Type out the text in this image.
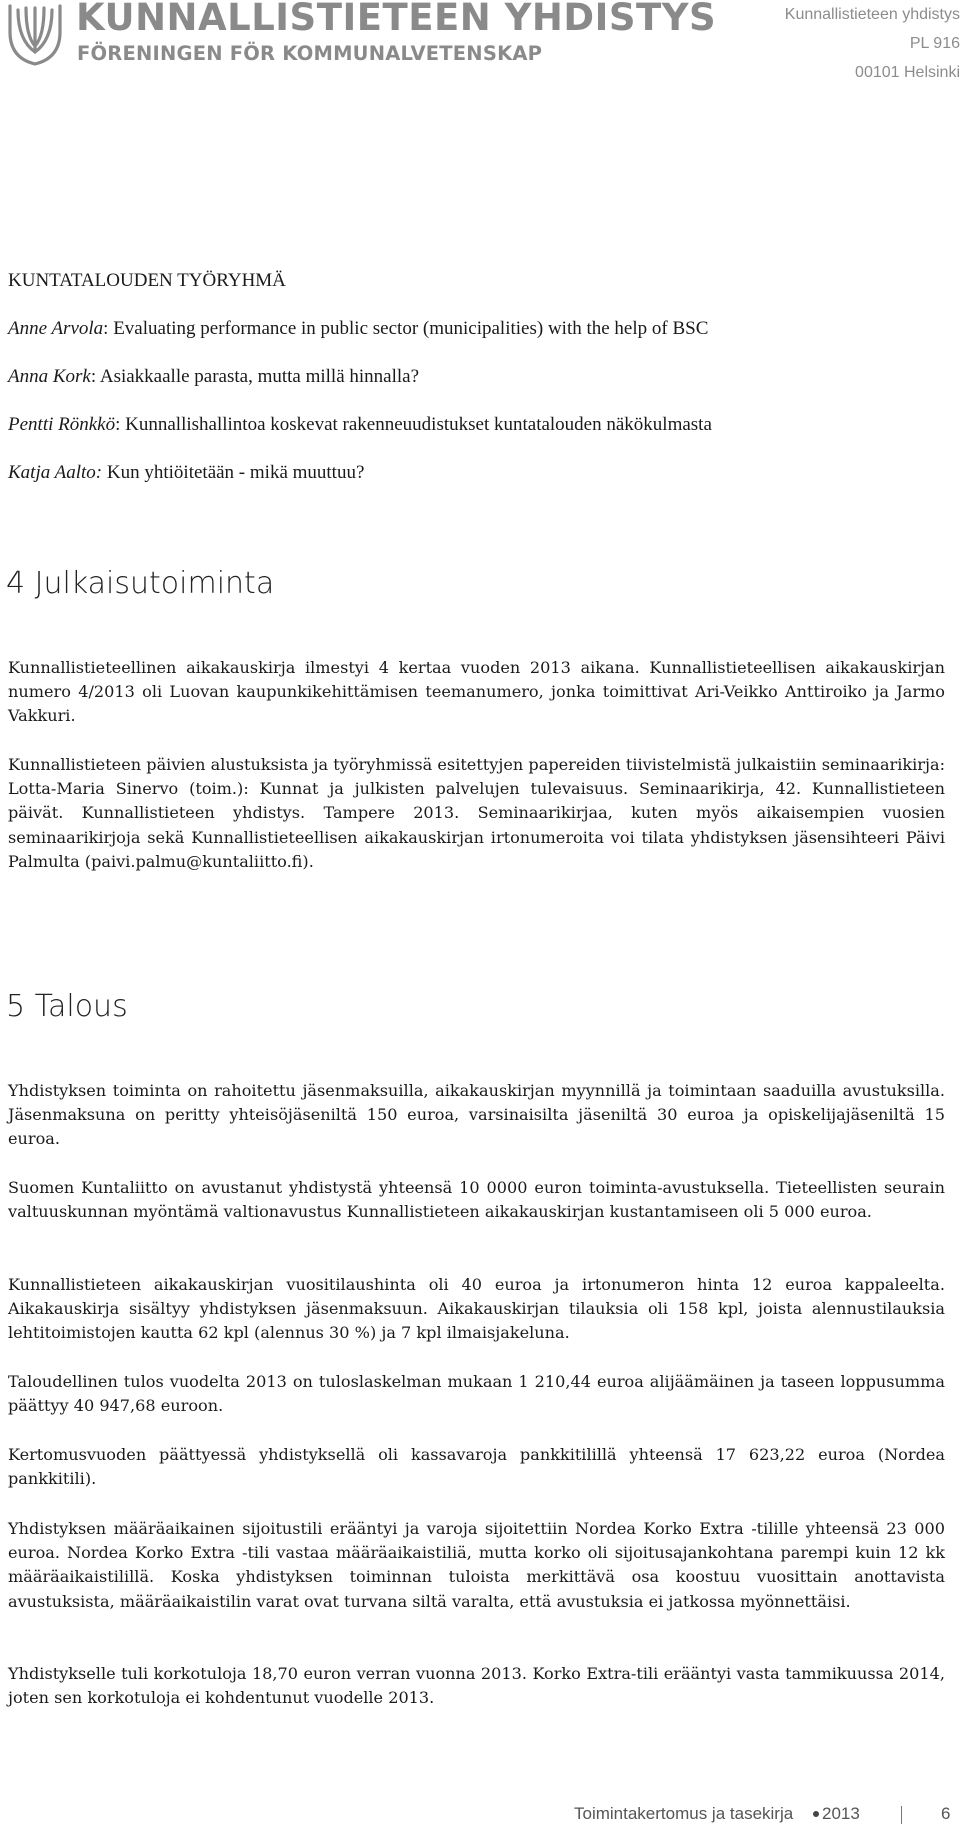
KUNNALLISTIETEEN YHDISTYS
FÖRENINGEN FÖR KOMMUNALVETENSKAP
Kunnallistieteen yhdistys
PL 916
00101 Helsinki
KUNTATALOUDEN TYÖRYHMÄ
Anne Arvola: Evaluating performance in public sector (municipalities) with the help of BSC
Anna Kork: Asiakkaalle parasta, mutta millä hinnalla?
Pentti Rönkkö: Kunnallishallintoa koskevat rakenneuudistukset kuntatalouden näkökulmasta
Katja Aalto: Kun yhtiöitetään - mikä muuttuu?
4 Julkaisutoiminta
Kunnallistieteellinen aikakauskirja ilmestyi 4 kertaa vuoden 2013 aikana. Kunnallistieteellisen aikakauskirjan numero 4/2013 oli Luovan kaupunkikehittämisen teemanumero, jonka toimittivat Ari-Veikko Anttiroiko ja Jarmo Vakkuri.
Kunnallistieteen päivien alustuksista ja työryhmissä esitettyjen papereiden tiivistelmistä julkaistiin seminaarikirja: Lotta-Maria Sinervo (toim.): Kunnat ja julkisten palvelujen tulevaisuus. Seminaarikirja, 42. Kunnallistieteen päivät. Kunnallistieteen yhdistys. Tampere 2013. Seminaarikirjaa, kuten myös aikaisempien vuosien seminaarikirjoja sekä Kunnallistieteellisen aikakauskirjan irtonumeroita voi tilata yhdistyksen jäsensihteeri Päivi Palmulta (paivi.palmu@kuntaliitto.fi).
5 Talous
Yhdistyksen toiminta on rahoitettu jäsenmaksuilla, aikakauskirjan myynnillä ja toimintaan saaduilla avustuksilla. Jäsenmaksuna on peritty yhteisöjäseniltä 150 euroa, varsinaisilta jäseniltä 30 euroa ja opiskelijajäseniltä 15 euroa.
Suomen Kuntaliitto on avustanut yhdistystä yhteensä 10 0000 euron toiminta-avustuksella. Tieteellisten seurain valtuuskunnan myöntämä valtionavustus Kunnallistieteen aikakauskirjan kustantamiseen oli 5 000 euroa.
Kunnallistieteen aikakauskirjan vuositilaushinta oli 40 euroa ja irtonumeron hinta 12 euroa kappaleelta. Aikakauskirja sisältyy yhdistyksen jäsenmaksuun. Aikakauskirjan tilauksia oli 158 kpl, joista alennustilauksia lehtitoimistojen kautta 62 kpl (alennus 30 %) ja 7 kpl ilmaisjakeluna.
Taloudellinen tulos vuodelta 2013 on tuloslaskelman mukaan 1 210,44 euroa alijäämäinen ja taseen loppusumma päättyy 40 947,68 euroon.
Kertomusvuoden päättyessä yhdistyksellä oli kassavaroja pankkitilillä yhteensä 17 623,22 euroa (Nordea pankkitili).
Yhdistyksen määräaikainen sijoitustili erääntyi ja varoja sijoitettiin Nordea Korko Extra -tilille yhteensä 23 000 euroa. Nordea Korko Extra -tili vastaa määräaikaistiliä, mutta korko oli sijoitusajankohtana parempi kuin 12 kk määräaikaistilillä. Koska yhdistyksen toiminnan tuloista merkittävä osa koostuu vuosittain anottavista avustuksista, määräaikaistilin varat ovat turvana siltä varalta, että avustuksia ei jatkossa myönnettäisi.
Yhdistykselle tuli korkotuloja 18,70 euron verran vuonna 2013. Korko Extra-tili erääntyi vasta tammikuussa 2014, joten sen korkotuloja ei kohdentunut vuodelle 2013.
Toimintakertomus ja tasekirja 2013	6
